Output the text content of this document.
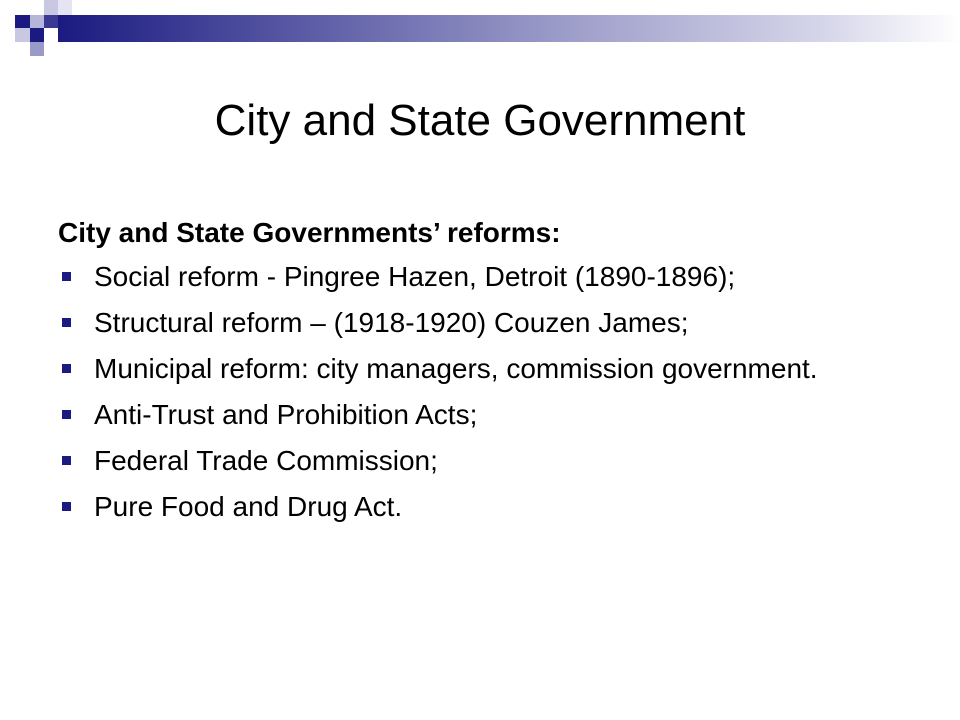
City and State Government

City and State Governments’ reforms:

Social reform - Pingree Hazen, Detroit (1890-1896);
Structural reform – (1918-1920) Couzen James;
Municipal reform: city managers, commission government.
Anti-Trust and Prohibition Acts;
Federal Trade Commission;
Pure Food and Drug Act.
